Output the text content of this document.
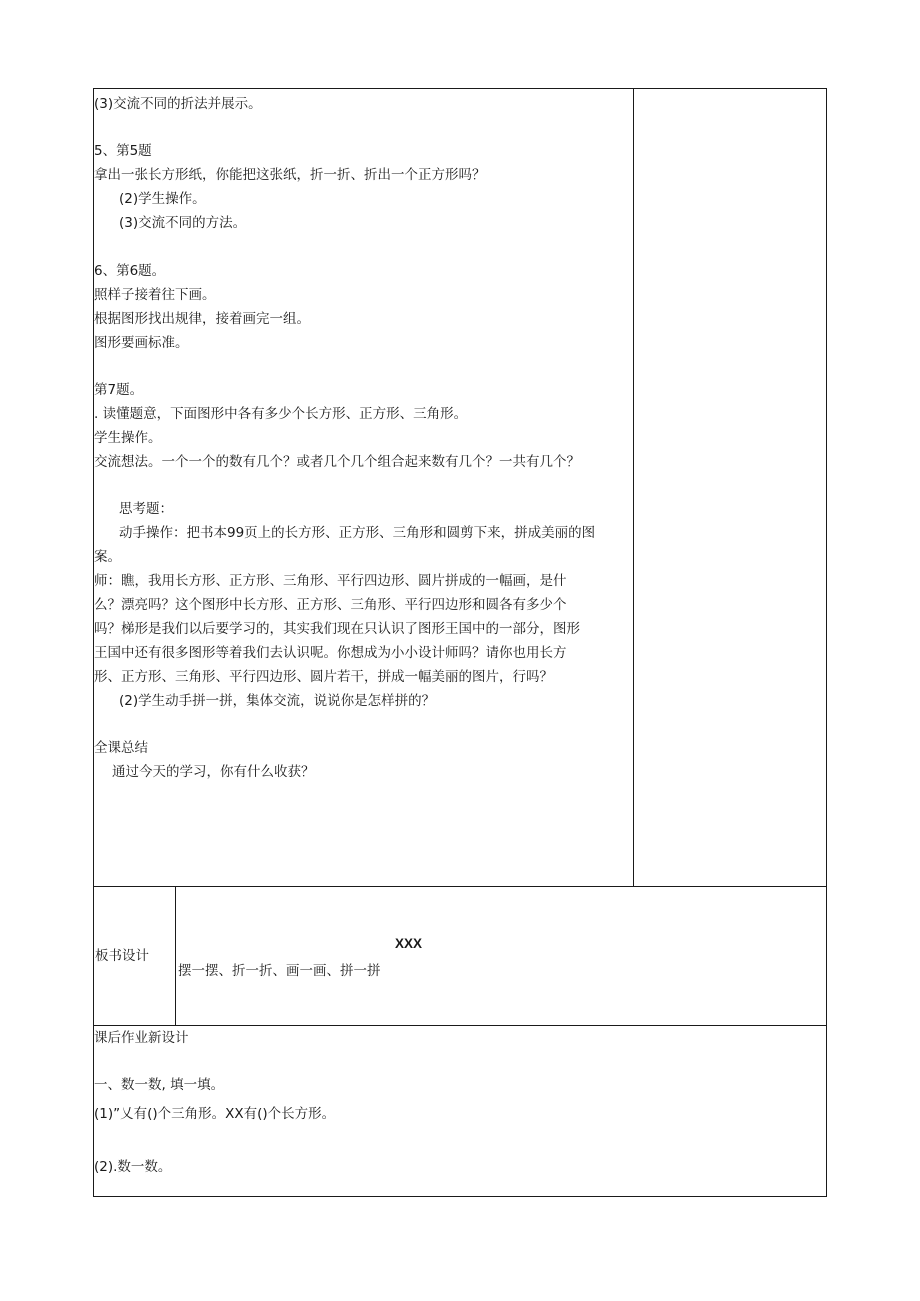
(3)交流不同的折法并展示。
5、第5题
拿出一张长方形纸，你能把这张纸，折一折、折出一个正方形吗？
(2)学生操作。
(3)交流不同的方法。
6、第6题。
照样子接着往下画。
根据图形找出规律，接着画完一组。
图形要画标准。
第7题。
. 读懂题意，下面图形中各有多少个长方形、正方形、三角形。
学生操作。
交流想法。一个一个的数有几个？或者几个几个组合起来数有几个？一共有几个？
思考题：
动手操作：把书本99页上的长方形、正方形、三角形和圆剪下来，拼成美丽的图
案。
师：瞧，我用长方形、正方形、三角形、平行四边形、圆片拼成的一幅画，是什
么？漂亮吗？这个图形中长方形、正方形、三角形、平行四边形和圆各有多少个
吗？梯形是我们以后要学习的，其实我们现在只认识了图形王国中的一部分，图形
王国中还有很多图形等着我们去认识呢。你想成为小小设计师吗？请你也用长方
形、正方形、三角形、平行四边形、圆片若干，拼成一幅美丽的图片，行吗？
(2)学生动手拼一拼，集体交流，说说你是怎样拼的？
全课总结
通过今天的学习，你有什么收获？
板书设计
XXX
摆一摆、折一折、画一画、拼一拼
课后作业新设计
一、数一数, 填一填。
(1)”乂有()个三角形。XX有()个长方形。
(2).数一数。
